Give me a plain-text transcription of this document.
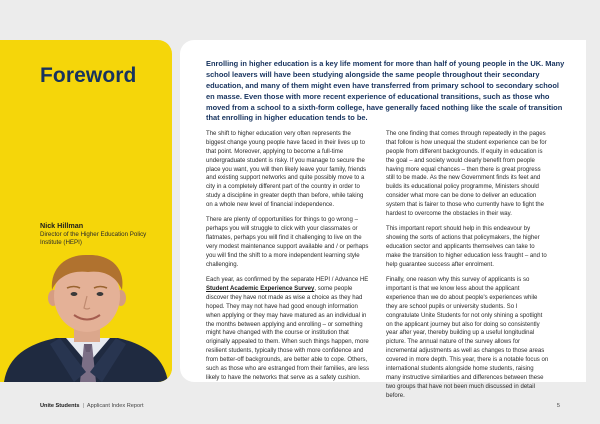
Foreword
Nick Hillman
Director of the Higher Education Policy Institute (HEPI)

Enrolling in higher education is a key life moment for more than half of young people in the UK. Many school leavers will have been studying alongside the same people throughout their secondary education, and many of them might even have transferred from primary school to secondary school en masse. Even those with more recent experience of educational transitions, such as those who moved from a school to a sixth-form college, have generally faced nothing like the scale of transition that enrolling in higher education tends to be.

The shift to higher education very often represents the biggest change young people have faced in their lives up to that point. Moreover, applying to become a full-time undergraduate student is risky. If you manage to secure the place you want, you will then likely leave your family, friends and existing support networks and quite possibly move to a city in a completely different part of the country in order to study a discipline in greater depth than before, while taking on a whole new level of financial independence.

There are plenty of opportunities for things to go wrong – perhaps you will struggle to click with your classmates or flatmates, perhaps you will find it challenging to live on the very modest maintenance support available and / or perhaps you will find the shift to a more independent learning style challenging.

Each year, as confirmed by the separate HEPI / Advance HE Student Academic Experience Survey, some people discover they have not made as wise a choice as they had hoped. They may not have had good enough information when applying or they may have matured as an individual in the months between applying and enrolling – or something might have changed with the course or institution that originally appealed to them. When such things happen, more resilient students, typically those with more confidence and from better-off backgrounds, are better able to cope. Others, such as those who are estranged from their families, are less likely to have the networks that serve as a safety cushion.

The one finding that comes through repeatedly in the pages that follow is how unequal the student experience can be for people from different backgrounds. If equity in education is the goal – and society would clearly benefit from people having more equal chances – then there is great progress still to be made. As the new Government finds its feet and builds its educational policy programme, Ministers should consider what more can be done to deliver an education system that is fairer to those who currently have to fight the hardest to overcome the obstacles in their way.

This important report should help in this endeavour by showing the sorts of actions that policymakers, the higher education sector and applicants themselves can take to make the transition to higher education less fraught – and to help guarantee success after enrolment.

Finally, one reason why this survey of applicants is so important is that we know less about the applicant experience than we do about people's experiences while they are school pupils or university students. So I congratulate Unite Students for not only shining a spotlight on the applicant journey but also for doing so consistently year after year, thereby building up a useful longitudinal picture. The annual nature of the survey allows for incremental adjustments as well as changes to those areas covered in more depth. This year, there is a notable focus on international students alongside home students, raising many instructive similarities and differences between these two groups that have not been much discussed in detail before.

Unite Students | Applicant Index Report	5
